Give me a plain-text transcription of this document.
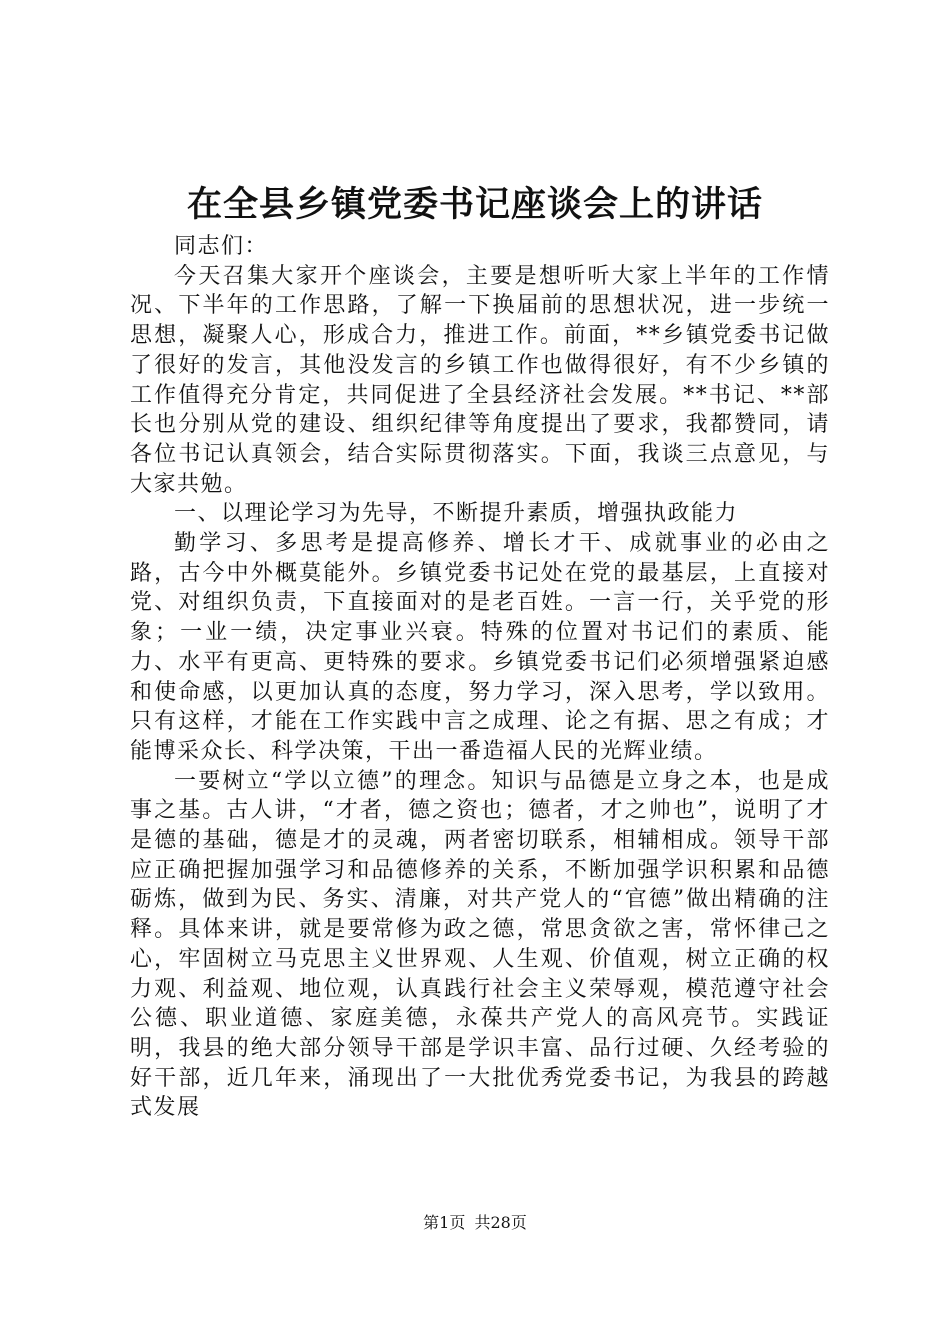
在全县乡镇党委书记座谈会上的讲话

同志们：

今天召集大家开个座谈会，主要是想听听大家上半年的工作情况、下半年的工作思路，了解一下换届前的思想状况，进一步统一思想，凝聚人心，形成合力，推进工作。前面，**乡镇党委书记做了很好的发言，其他没发言的乡镇工作也做得很好，有不少乡镇的工作值得充分肯定，共同促进了全县经济社会发展。**书记、**部长也分别从党的建设、组织纪律等角度提出了要求，我都赞同，请各位书记认真领会，结合实际贯彻落实。下面，我谈三点意见，与大家共勉。

一、以理论学习为先导，不断提升素质，增强执政能力

勤学习、多思考是提高修养、增长才干、成就事业的必由之路，古今中外概莫能外。乡镇党委书记处在党的最基层，上直接对党、对组织负责，下直接面对的是老百姓。一言一行，关乎党的形象；一业一绩，决定事业兴衰。特殊的位置对书记们的素质、能力、水平有更高、更特殊的要求。乡镇党委书记们必须增强紧迫感和使命感，以更加认真的态度，努力学习，深入思考，学以致用。只有这样，才能在工作实践中言之成理、论之有据、思之有成；才能博采众长、科学决策，干出一番造福人民的光辉业绩。

一要树立“学以立德”的理念。知识与品德是立身之本，也是成事之基。古人讲，“才者，德之资也；德者，才之帅也”，说明了才是德的基础，德是才的灵魂，两者密切联系，相辅相成。领导干部应正确把握加强学习和品德修养的关系，不断加强学识积累和品德砺炼，做到为民、务实、清廉，对共产党人的“官德”做出精确的注释。具体来讲，就是要常修为政之德，常思贪欲之害，常怀律己之心，牢固树立马克思主义世界观、人生观、价值观，树立正确的权力观、利益观、地位观，认真践行社会主义荣辱观，模范遵守社会公德、职业道德、家庭美德，永葆共产党人的高风亮节。实践证明，我县的绝大部分领导干部是学识丰富、品行过硬、久经考验的好干部，近几年来，涌现出了一大批优秀党委书记，为我县的跨越式发展

第1页 共28页
